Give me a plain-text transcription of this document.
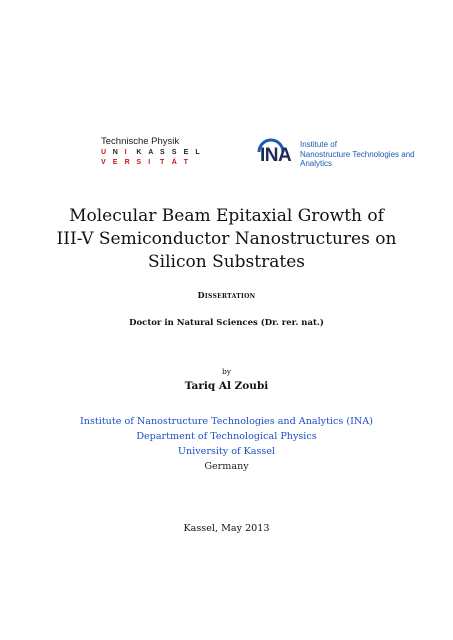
Technische Physik
U N I	K A S	S	E	L
V	E	R S	I	T	Ä T	INA
Institute of
Nanostructure Technologies and
Analytics
Molecular Beam Epitaxial Growth of
III-V Semiconductor Nanostructures on
Silicon Substrates
Dissertation
Doctor in Natural Sciences (Dr. rer. nat.)
by
Tariq Al Zoubi
Institute of Nanostructure Technologies and Analytics (INA)
Department of Technological Physics
University of Kassel
Germany
Kassel, May 2013
